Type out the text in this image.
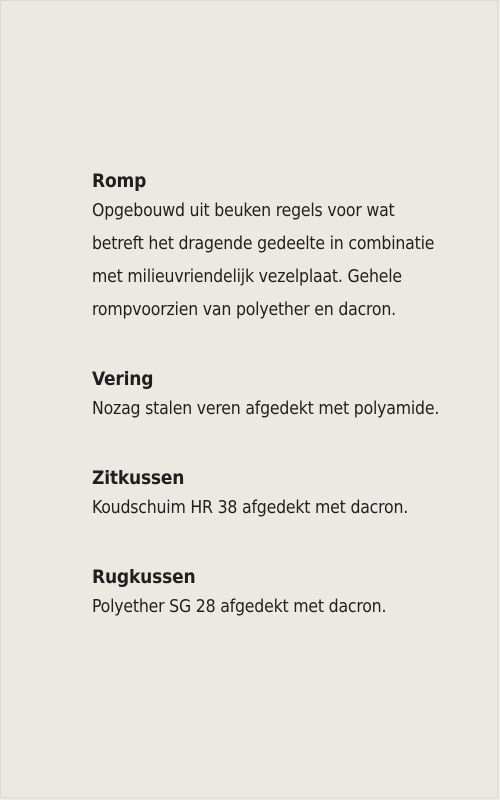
Romp

Opgebouwd uit beuken regels voor wat
betreft het dragende gedeelte in combinatie
met milieuvriendelijk vezelplaat. Gehele
rompvoorzien van polyether en dacron.

Vering

Nozag stalen veren afgedekt met polyamide.

Zitkussen

Koudschuim HR 38 afgedekt met dacron.

Rugkussen

Polyether SG 28 afgedekt met dacron.
